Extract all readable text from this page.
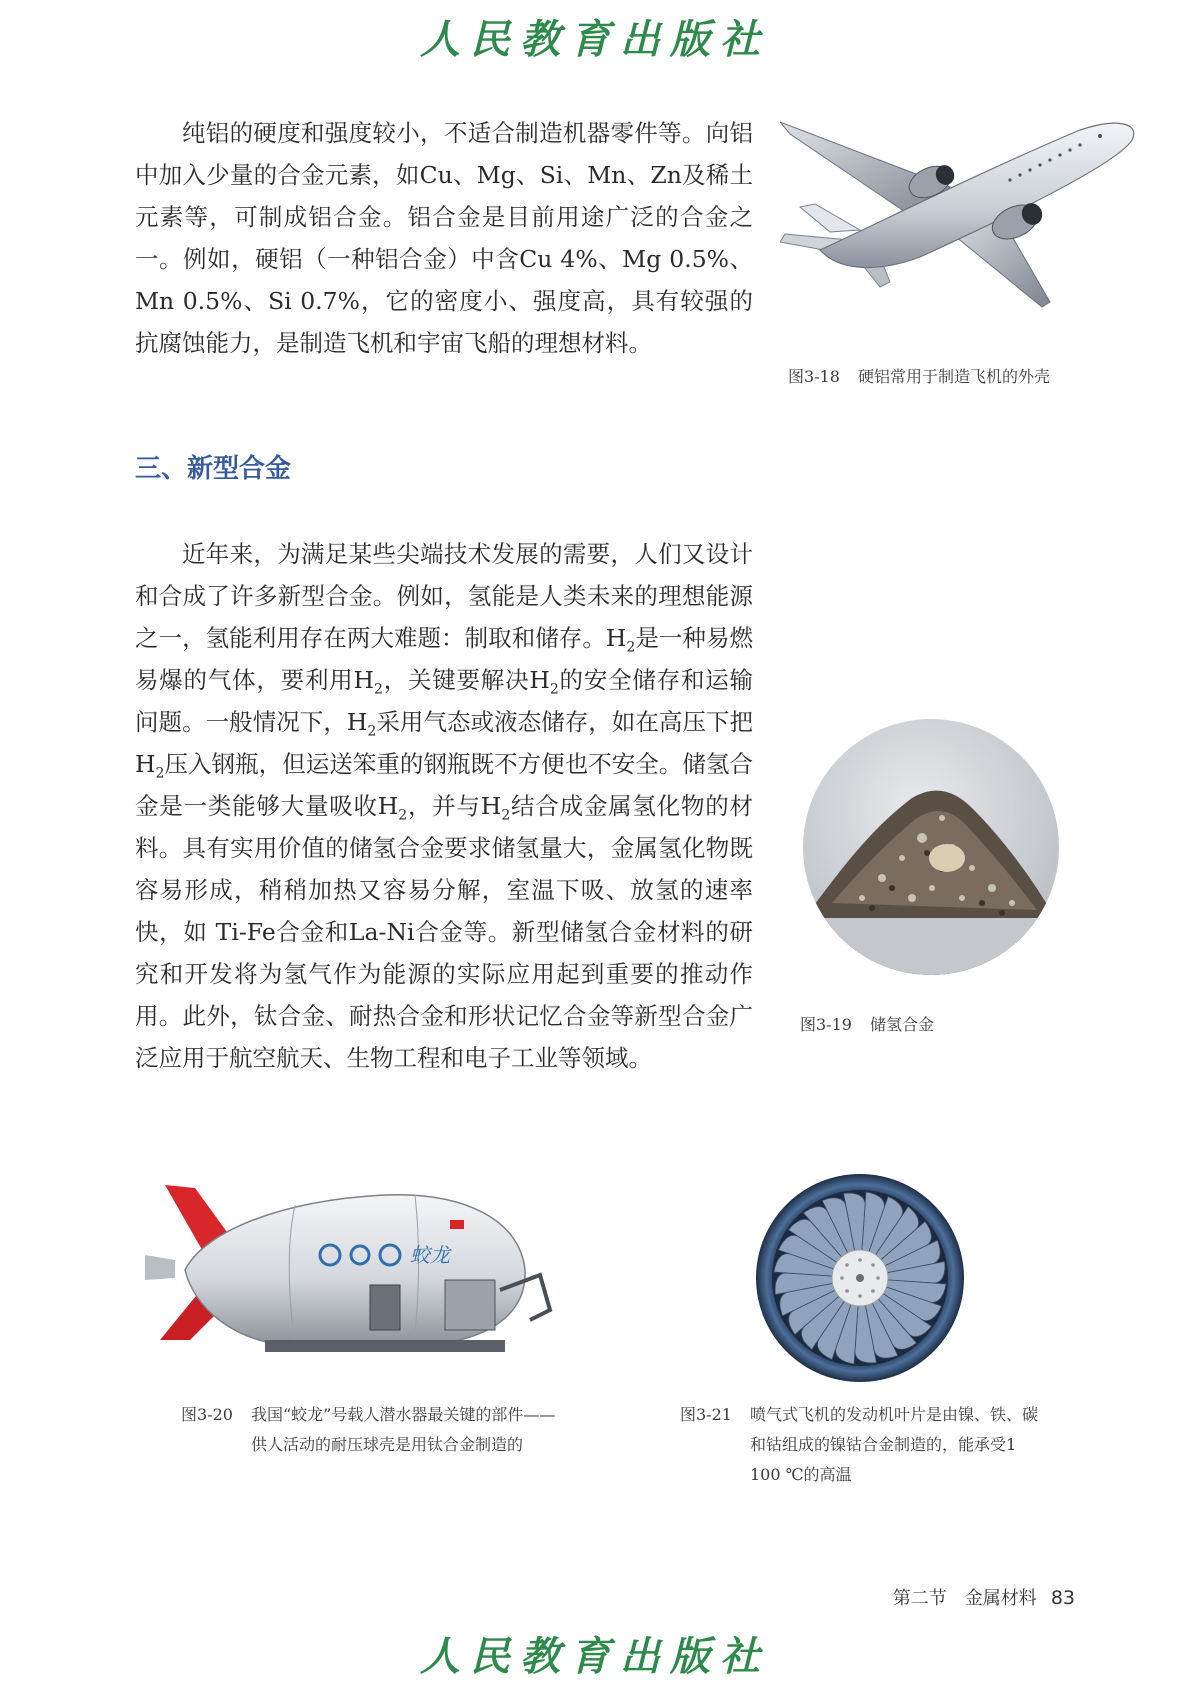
人民教育出版社
纯铝的硬度和强度较小，不适合制造机器零件等。向铝中加入少量的合金元素，如Cu、Mg、Si、Mn、Zn及稀土元素等，可制成铝合金。铝合金是目前用途广泛的合金之一。例如，硬铝（一种铝合金）中含Cu 4%、Mg 0.5%、Mn 0.5%、Si 0.7%，它的密度小、强度高，具有较强的抗腐蚀能力，是制造飞机和宇宙飞船的理想材料。
图3-18 硬铝常用于制造飞机的外壳
三、新型合金
近年来，为满足某些尖端技术发展的需要，人们又设计和合成了许多新型合金。例如，氢能是人类未来的理想能源之一，氢能利用存在两大难题：制取和储存。$H_2$是一种易燃易爆的气体，要利用$H_2$，关键要解决$H_2$的安全储存和运输问题。一般情况下，$H_2$采用气态或液态储存，如在高压下把$H_2$压入钢瓶，但运送笨重的钢瓶既不方便也不安全。储氢合金是一类能够大量吸收$H_2$，并与$H_2$结合成金属氢化物的材料。具有实用价值的储氢合金要求储氢量大，金属氢化物既容易形成，稍稍加热又容易分解，室温下吸、放氢的速率快，如 Ti-Fe合金和La-Ni合金等。新型储氢合金材料的研究和开发将为氢气作为能源的实际应用起到重要的推动作用。此外，钛合金、耐热合金和形状记忆合金等新型合金广泛应用于航空航天、生物工程和电子工业等领域。
图3-19 储氢合金
蛟龙
图3-20	我国“蛟龙”号载人潜水器最关键的部件——供人活动的耐压球壳是用钛合金制造的
图3-21	喷气式飞机的发动机叶片是由镍、铁、碳和钴组成的镍钴合金制造的，能承受1 100 ℃的高温
第二节　金属材料 83
人民教育出版社
